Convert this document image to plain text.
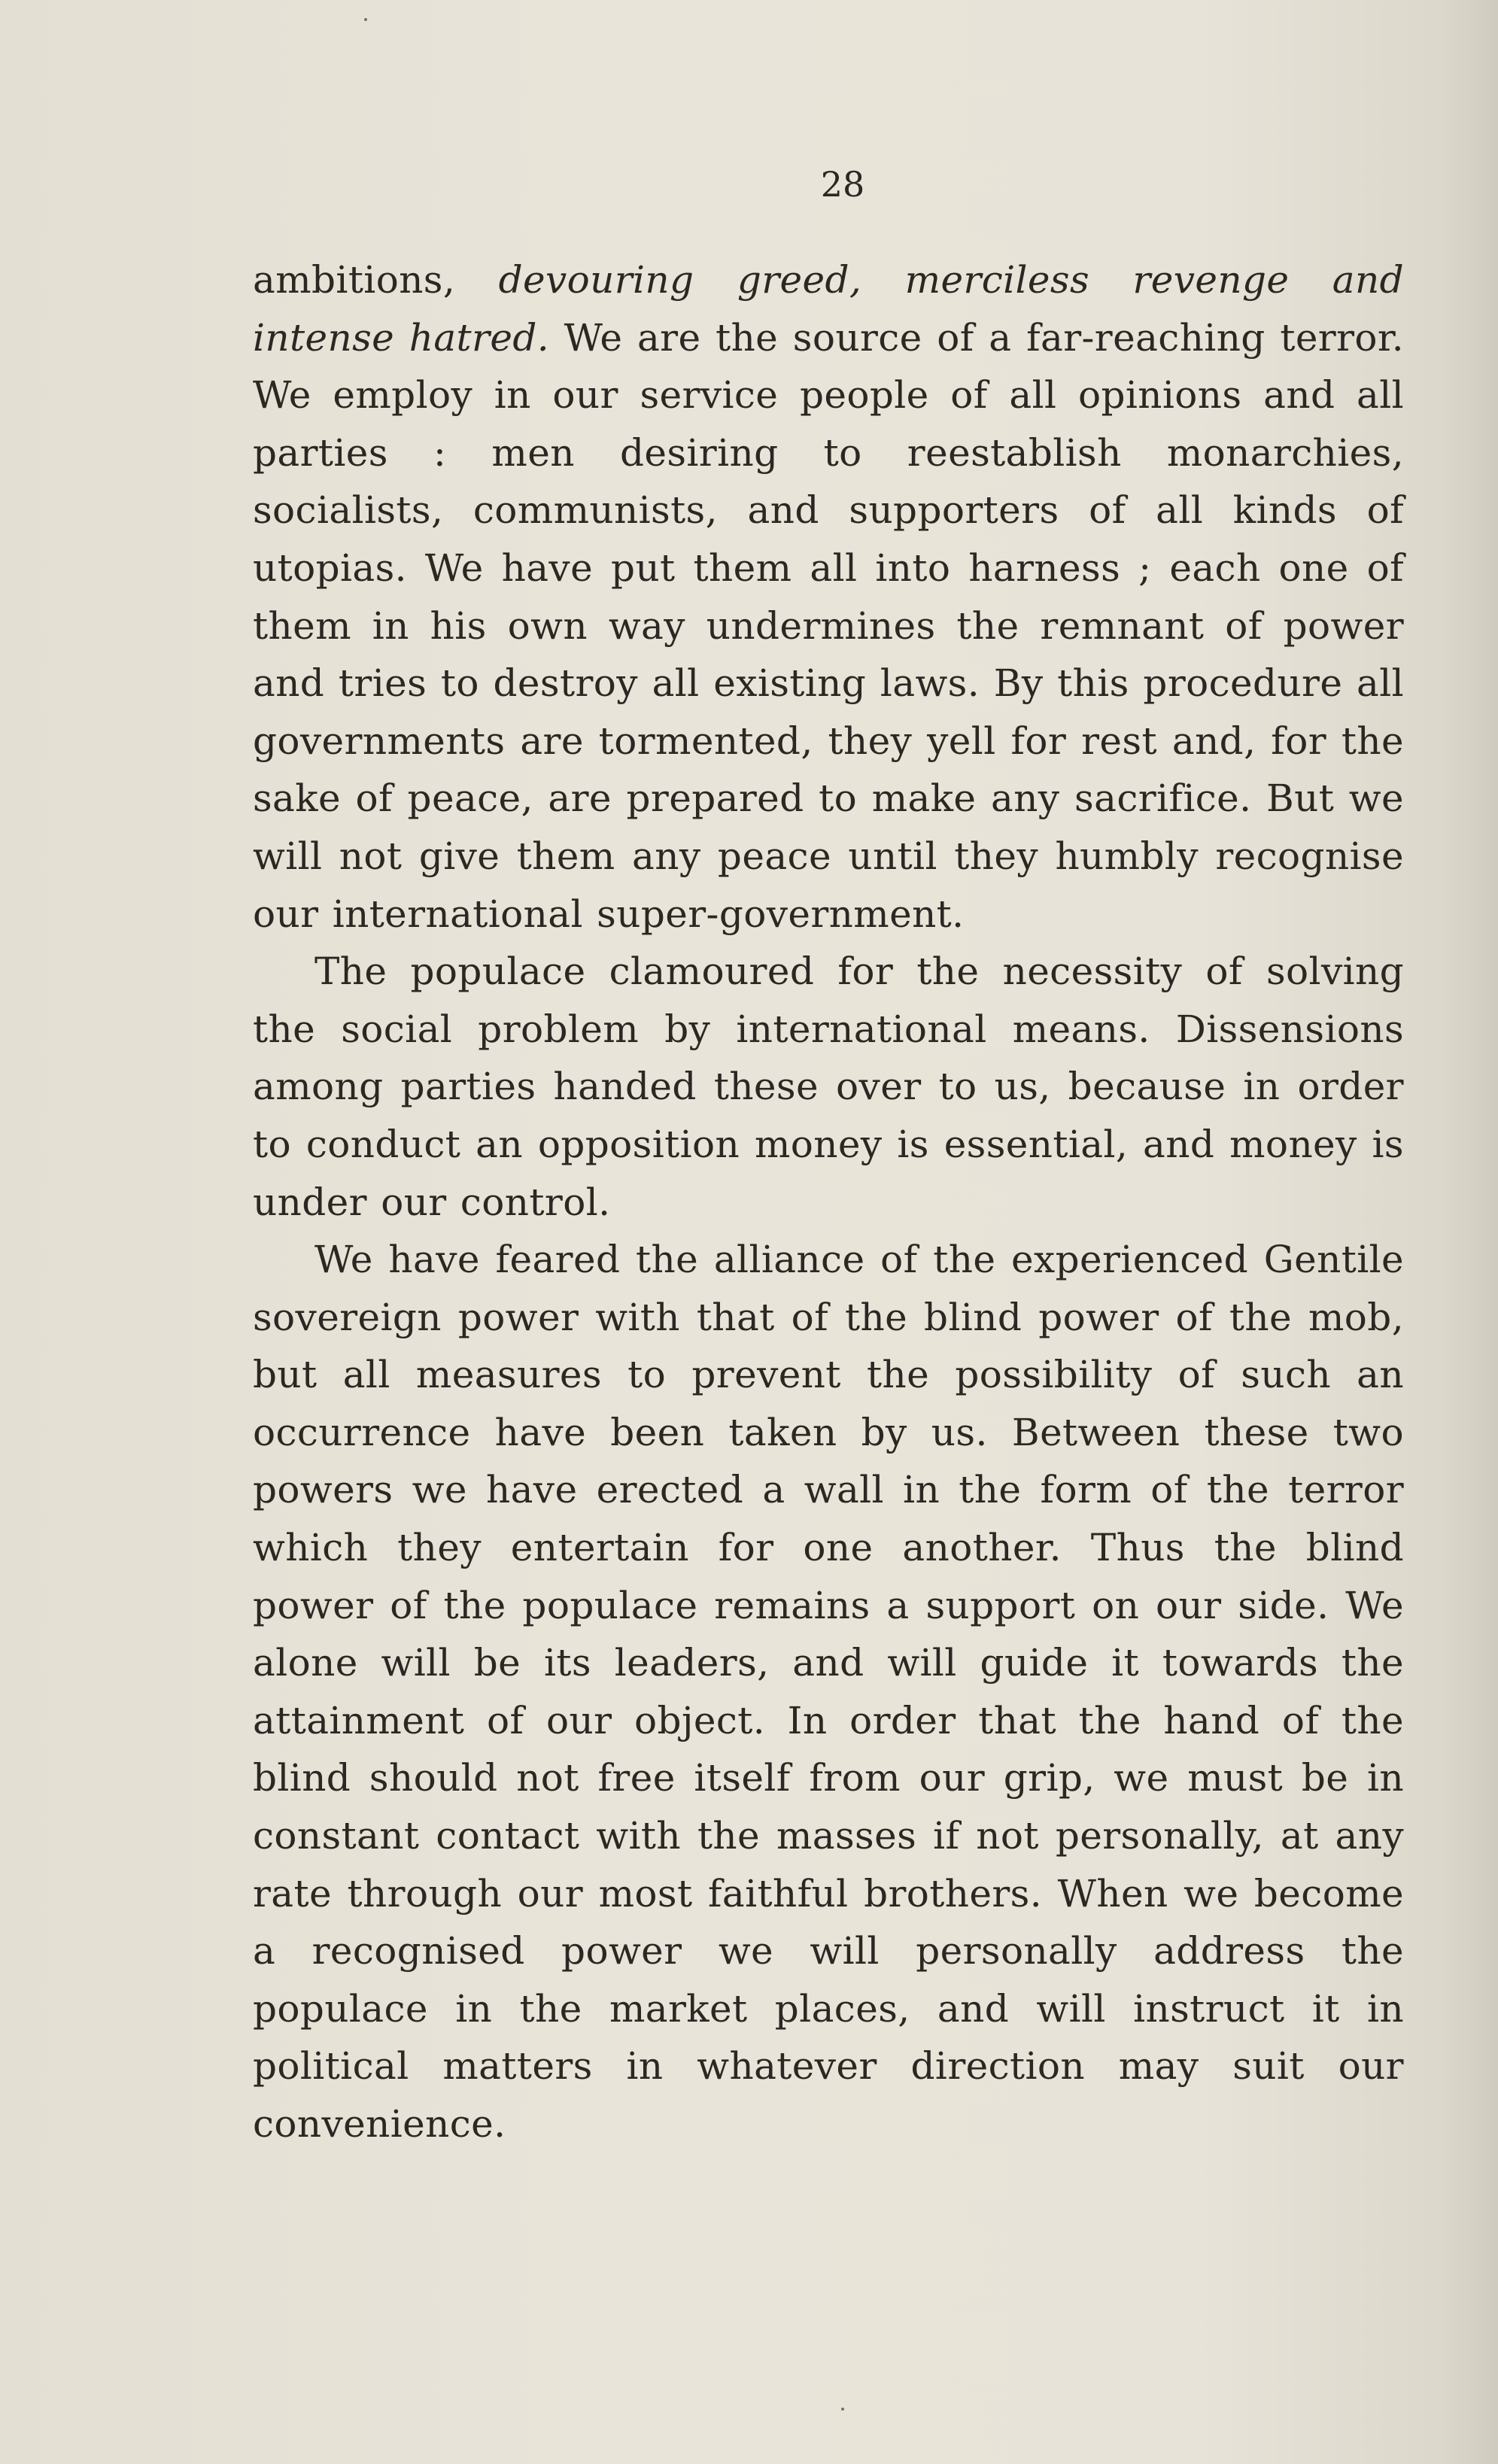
28

ambitions, devouring greed, merciless revenge and intense hatred. We are the source of a far-reaching terror. We employ in our service people of all opinions and all parties : men desiring to reestablish monarchies, socialists, communists, and supporters of all kinds of utopias. We have put them all into harness ; each one of them in his own way undermines the remnant of power and tries to destroy all existing laws. By this procedure all governments are tormented, they yell for rest and, for the sake of peace, are prepared to make any sacrifice. But we will not give them any peace until they humbly recognise our international super-government.

The populace clamoured for the necessity of solving the social problem by international means. Dissensions among parties handed these over to us, because in order to conduct an opposition money is essential, and money is under our control.

We have feared the alliance of the experienced Gentile sovereign power with that of the blind power of the mob, but all measures to prevent the possibility of such an occurrence have been taken by us. Between these two powers we have erected a wall in the form of the terror which they entertain for one another. Thus the blind power of the populace remains a support on our side. We alone will be its leaders, and will guide it towards the attainment of our object. In order that the hand of the blind should not free itself from our grip, we must be in constant contact with the masses if not personally, at any rate through our most faithful brothers. When we become a recognised power we will personally address the populace in the market places, and will instruct it in political matters in whatever direction may suit our convenience.
